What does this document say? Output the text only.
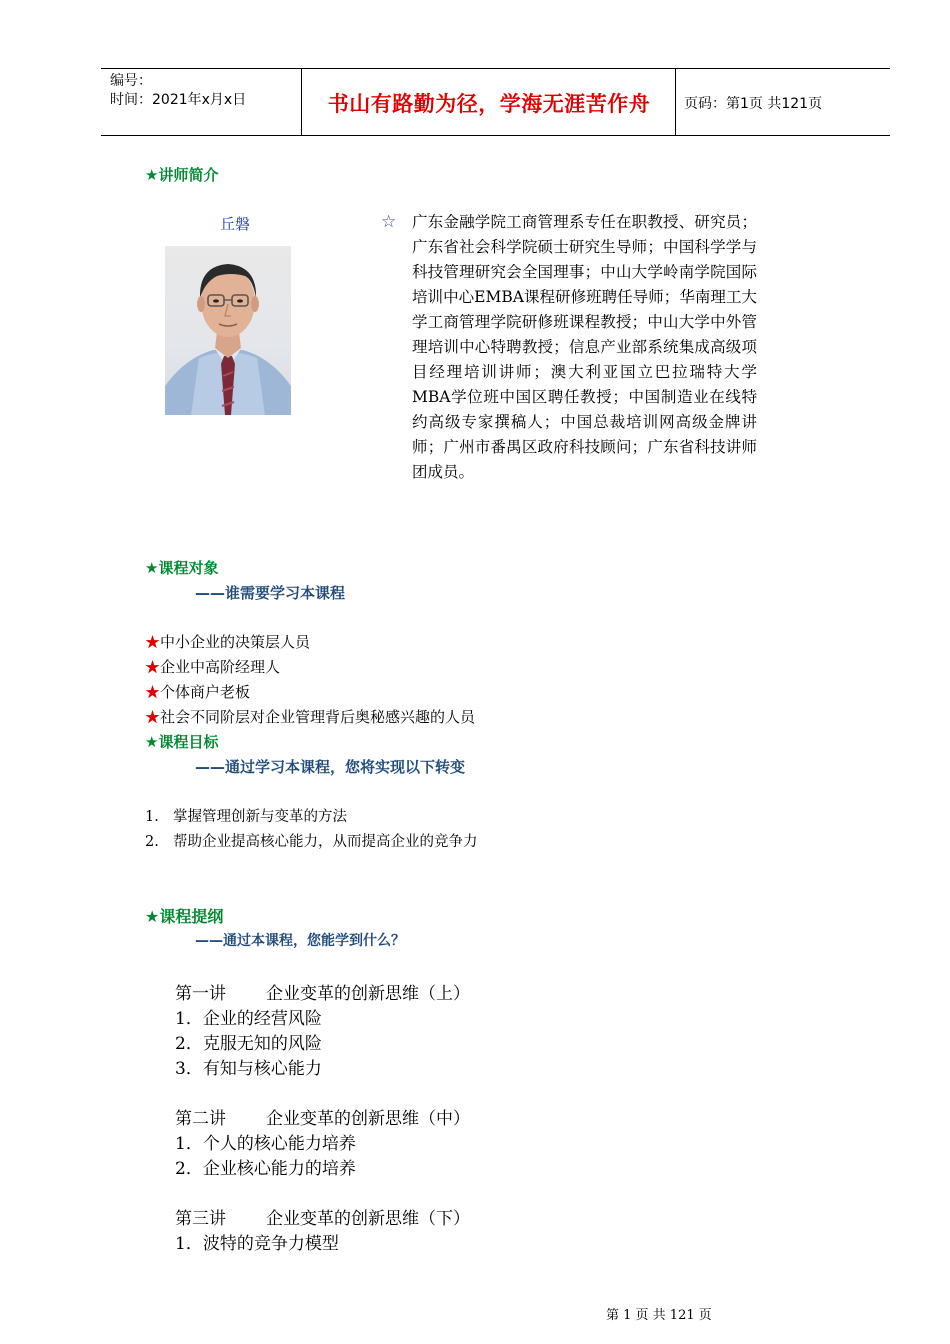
编号：
时间：2021年x月x日	书山有路勤为径，学海无涯苦作舟	页码：第1页 共121页
★讲师简介
丘磐	☆ 广东金融学院工商管理系专任在职教授、研究员；广东省社会科学院硕士研究生导师；中国科学学与科技管理研究会全国理事；中山大学岭南学院国际培训中心EMBA课程研修班聘任导师；华南理工大学工商管理学院研修班课程教授；中山大学中外管理培训中心特聘教授；信息产业部系统集成高级项目经理培训讲师；澳大利亚国立巴拉瑞特大学MBA学位班中国区聘任教授；中国制造业在线特约高级专家撰稿人；中国总裁培训网高级金牌讲师；广州市番禺区政府科技顾问；广东省科技讲师团成员。
★课程对象
——谁需要学习本课程
★中小企业的决策层人员
★企业中高阶经理人
★个体商户老板
★社会不同阶层对企业管理背后奥秘感兴趣的人员
★课程目标
——通过学习本课程，您将实现以下转变
1. 掌握管理创新与变革的方法
2. 帮助企业提高核心能力，从而提高企业的竞争力
★课程提纲
——通过本课程，您能学到什么？
第一讲 企业变革的创新思维（上）
1．企业的经营风险
2．克服无知的风险
3．有知与核心能力
第二讲 企业变革的创新思维（中）
1．个人的核心能力培养
2．企业核心能力的培养
第三讲 企业变革的创新思维（下）
1．波特的竞争力模型
第 1 页 共 121 页
